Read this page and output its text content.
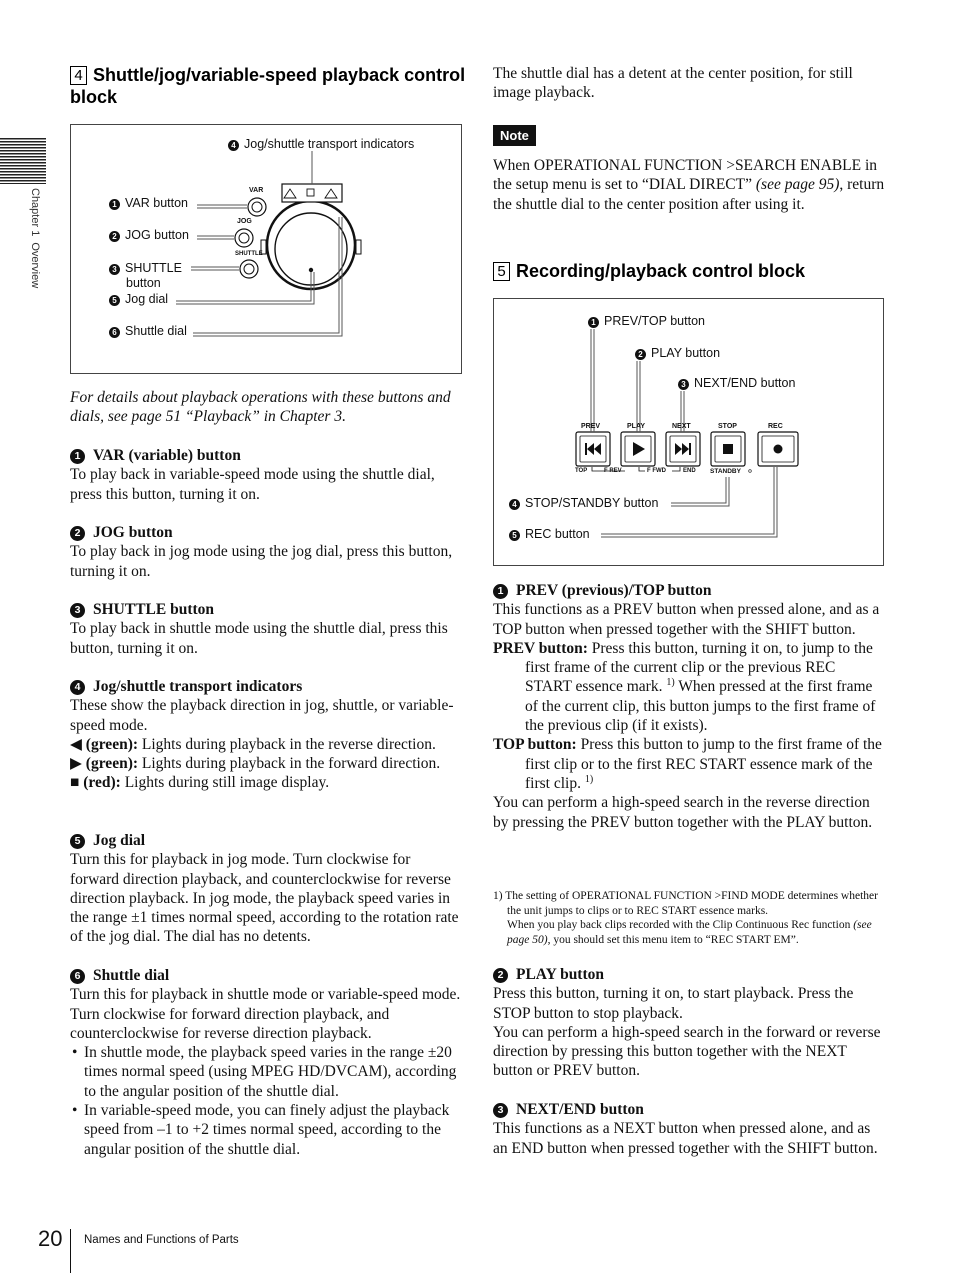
Chapter 1Overview
4 Shuttle/jog/variable-speed playback control block
VAR
JOG
SHUTTLE
4 Jog/shuttle transport indicators
1 VAR button
2 JOG button
3 SHUTTLE
button
5 Jog dial
6 Shuttle dial
For details about playback operations with these buttons and dials, see page 51 “Playback” in Chapter 3.

1 VAR (variable) button

To play back in variable-speed mode using the shuttle dial, press this button, turning it on.

2 JOG button

To play back in jog mode using the jog dial, press this button, turning it on.

3 SHUTTLE button

To play back in shuttle mode using the shuttle dial, press this button, turning it on.

4 Jog/shuttle transport indicators

These show the playback direction in jog, shuttle, or variable-speed mode.

◀ (green): Lights during playback in the reverse direction.

▶ (green): Lights during playback in the forward direction.

■ (red): Lights during still image display.

5 Jog dial

Turn this for playback in jog mode. Turn clockwise for forward direction playback, and counterclockwise for reverse direction playback. In jog mode, the playback speed varies in the range ±1 times normal speed, according to the rotation rate of the jog dial. The dial has no detents.

6 Shuttle dial

Turn this for playback in shuttle mode or variable-speed mode. Turn clockwise for forward direction playback, and counterclockwise for reverse direction playback.

• In shuttle mode, the playback speed varies in the range ±20 times normal speed (using MPEG HD/DVCAM), according to the angular position of the shuttle dial.

• In variable-speed mode, you can finely adjust the playback speed from –1 to +2 times normal speed, according to the angular position of the shuttle dial.

The shuttle dial has a detent at the center position, for still image playback.
Note
When OPERATIONAL FUNCTION >SEARCH ENABLE in the setup menu is set to “DIAL DIRECT” (see page 95), return the shuttle dial to the center position after using it.
5 Recording/playback control block
PREV	PLAY	NEXT	STOP	REC
TOP	F REV	F FWD	END STANDBY
1 PREV/TOP button
2 PLAY button
3 NEXT/END button
4 STOP/STANDBY button
5 REC button

1 PREV (previous)/TOP button

This functions as a PREV button when pressed alone, and as a TOP button when pressed together with the SHIFT button.

PREV button: Press this button, turning it on, to jump to the first frame of the current clip or the previous REC START essence mark. $^{1)}$ When pressed at the first frame of the current clip, this button jumps to the first frame of the previous clip (if it exists).

TOP button: Press this button to jump to the first frame of the first clip or to the first REC START essence mark of the first clip. $^{1)}$

You can perform a high-speed search in the reverse direction by pressing the PREV button together with the PLAY button.

1) The setting of OPERATIONAL FUNCTION >FIND MODE determines whether the unit jumps to clips or to REC START essence marks.

When you play back clips recorded with the Clip Continuous Rec function (see page 50), you should set this menu item to “REC START EM”.

2 PLAY button

Press this button, turning it on, to start playback. Press the STOP button to stop playback.

You can perform a high-speed search in the forward or reverse direction by pressing this button together with the NEXT button or PREV button.

3 NEXT/END button

This functions as a NEXT button when pressed alone, and as an END button when pressed together with the SHIFT button.

20 Names and Functions of Parts
